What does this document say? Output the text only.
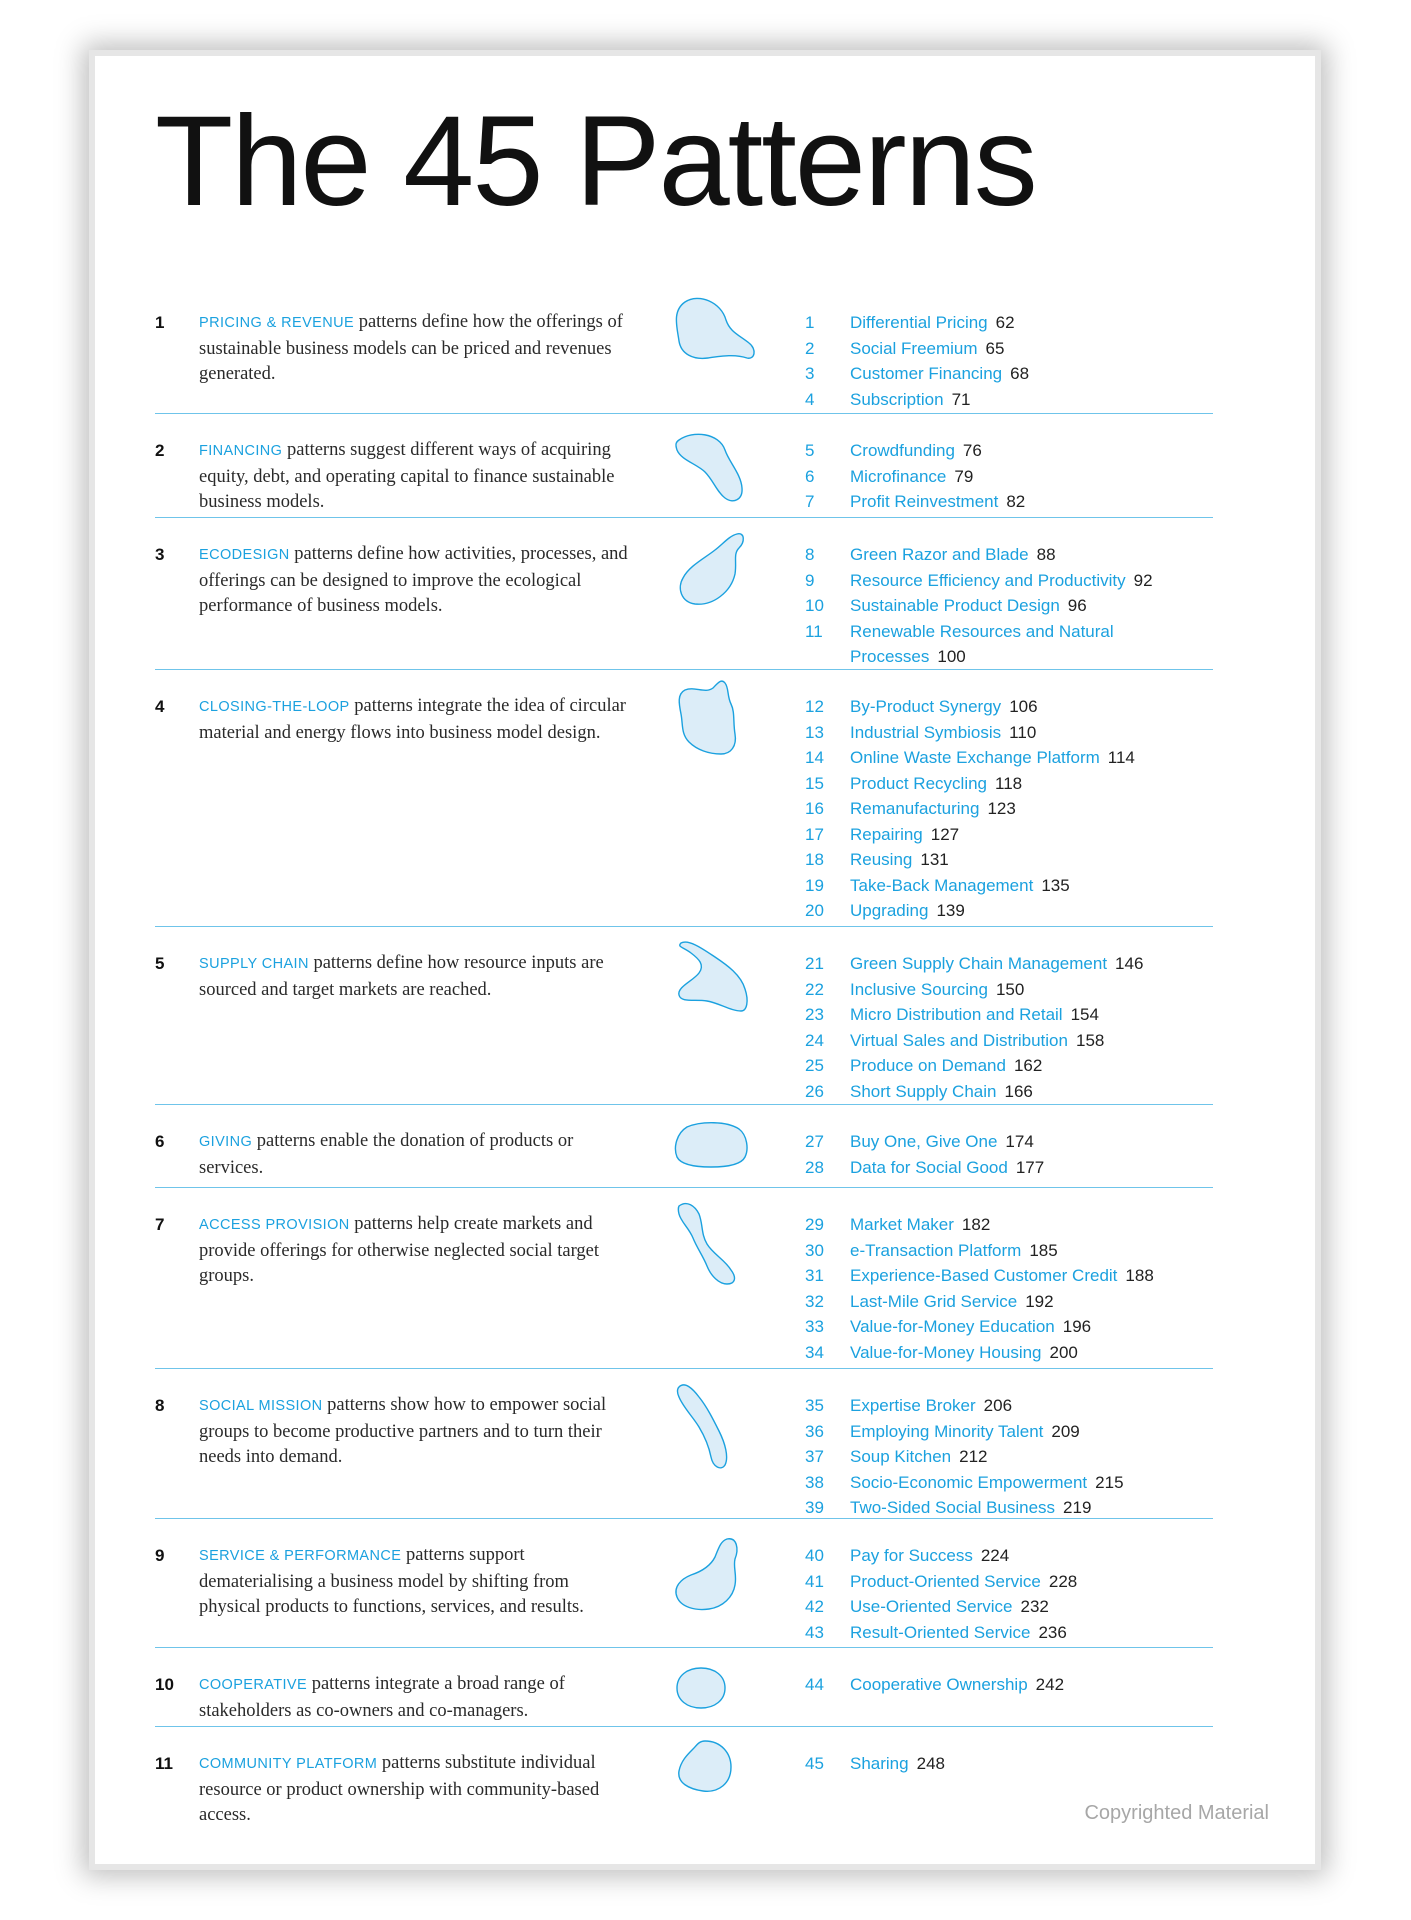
The 45 Patterns
1	PRICING & REVENUE patterns define how the offerings of sustainable business models can be priced and revenues generated.
1 Differential Pricing 62
2 Social Freemium 65
3 Customer Financing 68
4 Subscription 71
2	FINANCING patterns suggest different ways of acquiring equity, debt, and operating capital to finance sustainable business models.
5 Crowdfunding 76
6 Microfinance 79
7 Profit Reinvestment 82
3	ECODESIGN patterns define how activities, processes, and offerings can be designed to improve the ecological performance of business models.
8 Green Razor and Blade 88
9 Resource Efficiency and Productivity 92
10 Sustainable Product Design 96
11 Renewable Resources and Natural Processes 100
4	CLOSING-THE-LOOP patterns integrate the idea of circular material and energy flows into business model design.
12 By-Product Synergy 106
13 Industrial Symbiosis 110
14 Online Waste Exchange Platform 114
15 Product Recycling 118
16 Remanufacturing 123
17 Repairing 127
18 Reusing 131
19 Take-Back Management 135
20 Upgrading 139
5	SUPPLY CHAIN patterns define how resource inputs are sourced and target markets are reached.
21 Green Supply Chain Management 146
22 Inclusive Sourcing 150
23 Micro Distribution and Retail 154
24 Virtual Sales and Distribution 158
25 Produce on Demand 162
26 Short Supply Chain 166
6	GIVING patterns enable the donation of products or services.
27 Buy One, Give One 174
28 Data for Social Good 177
7	ACCESS PROVISION patterns help create markets and provide offerings for otherwise neglected social target groups.
29 Market Maker 182
30 e-Transaction Platform 185
31 Experience-Based Customer Credit 188
32 Last-Mile Grid Service 192
33 Value-for-Money Education 196
34 Value-for-Money Housing 200
8	SOCIAL MISSION patterns show how to empower social groups to become productive partners and to turn their needs into demand.
35 Expertise Broker 206
36 Employing Minority Talent 209
37 Soup Kitchen 212
38 Socio-Economic Empowerment 215
39 Two-Sided Social Business 219
9	SERVICE & PERFORMANCE patterns support dematerialising a business model by shifting from physical products to functions, services, and results.
40 Pay for Success 224
41 Product-Oriented Service 228
42 Use-Oriented Service 232
43 Result-Oriented Service 236
10	COOPERATIVE patterns integrate a broad range of stakeholders as co-owners and co-managers.
44 Cooperative Ownership 242
11	COMMUNITY PLATFORM patterns substitute individual resource or product ownership with community-based access.
45 Sharing 248
Copyrighted Material
